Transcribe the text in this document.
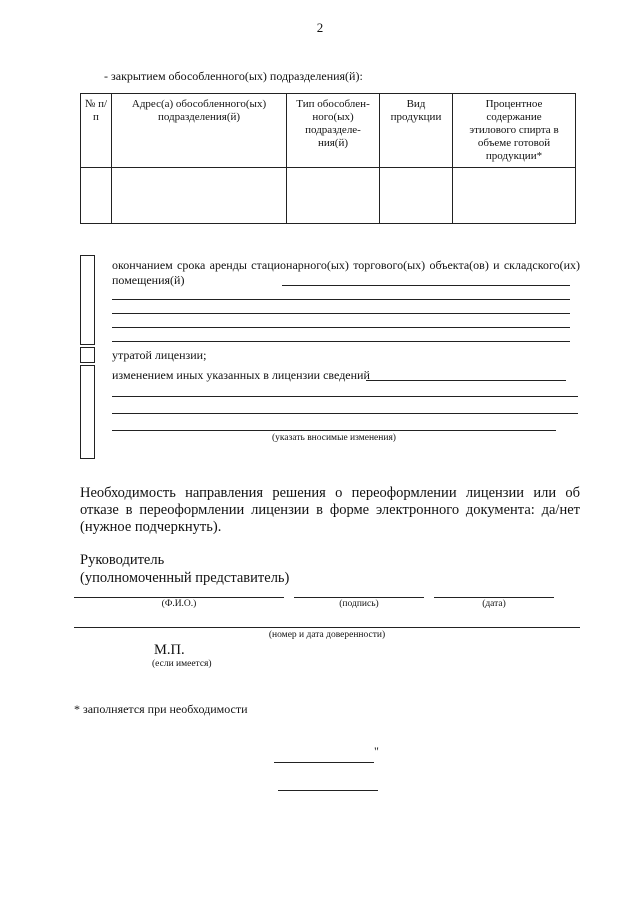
2
- закрытием обособленного(ых) подразделения(й):
№ п/п	Адрес(а) обособленного(ых) подразделения(й)	Тип обособлен-ного(ых) подразделе-ния(й)	Вид продукции	Процентное содержание этилового спирта в объеме готовой продукции*

окончанием срока аренды стационарного(ых) торгового(ых) объекта(ов) и складского(их) помещения(й)
утратой лицензии;
изменением иных указанных в лицензии сведений
(указать вносимые изменения)
Необходимость направления решения о переоформлении лицензии или об отказе в переоформлении лицензии в форме электронного документа: да/нет (нужное подчеркнуть).
Руководитель
(уполномоченный представитель)
(Ф.И.О.)	(подпись)	(дата)
(номер и дата доверенности)
М.П.
(если имеется)
* заполняется при необходимости
"
